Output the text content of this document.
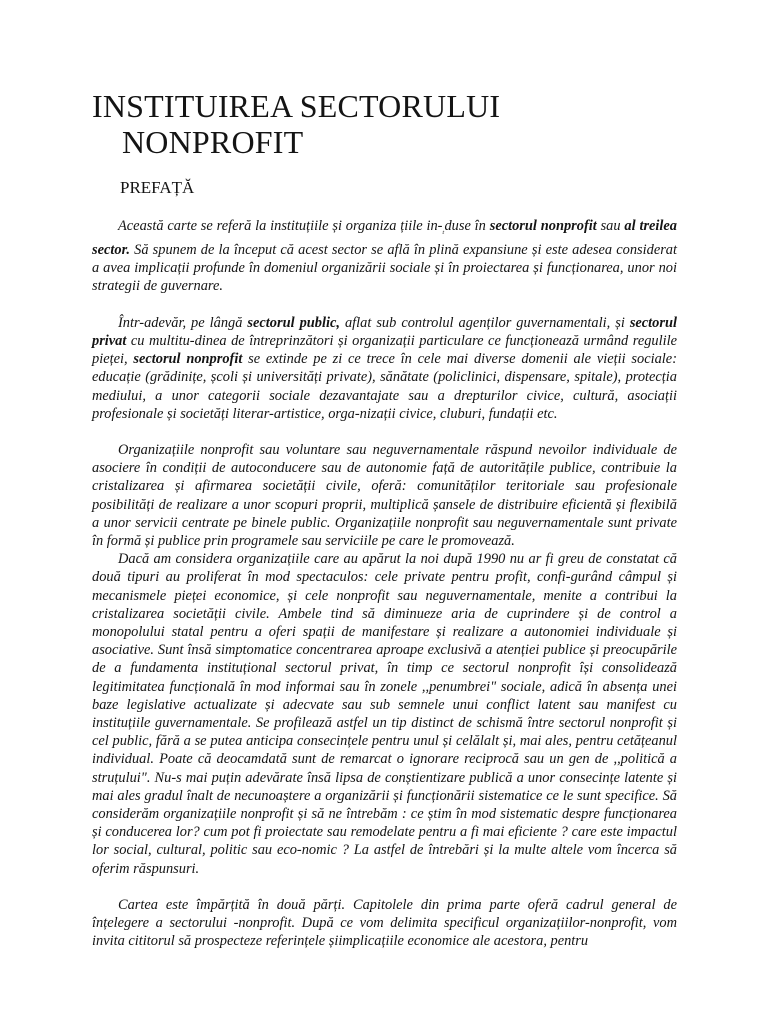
INSTITUIREA SECTORULUI
NONPROFIT
PREFAȚĂ

Această carte se referă la instituțiile și organiza țiile $in-_{_t}duse$ în sectorul nonprofit sau al treilea sector. Să spunem de la început că acest sector se află în plină expansiune și este adesea considerat a avea implicații profunde în domeniul organizării sociale și în proiectarea și funcționarea, unor noi strategii de guvernare.

Într-adevăr, pe lângă sectorul public, aflat sub controlul agenților guvernamentali, și sectorul privat cu multitu-dinea de întreprinzători și organizații particulare ce funcționează urmând regulile pieței, sectorul nonprofit se extinde pe zi ce trece în cele mai diverse domenii ale vieții sociale: educație (grădinițe, școli și universități private), sănătate (policlinici, dispensare, spitale), protecția mediului, a unor categorii sociale dezavantajate sau a drepturilor civice, cultură, asociații profesionale și societăți literar-artistice, orga-nizații civice, cluburi, fundații etc.

Organizațiile nonprofit sau voluntare sau neguvernamentale răspund nevoilor individuale de asociere în condiții de autoconducere sau de autonomie față de autoritățile publice, contribuie la cristalizarea și afirmarea societății civile, oferă: comunităților teritoriale sau profesionale posibilități de realizare a unor scopuri proprii, multiplică șansele de distribuire eficientă și flexibilă a unor servicii centrate pe binele public. Organizațiile nonprofit sau neguvernamentale sunt private în formă și publice prin programele sau serviciile pe care le promovează.

Dacă am considera organizațiile care au apărut la noi după 1990 nu ar fi greu de constatat că două tipuri au proliferat în mod spectaculos: cele private pentru profit, confi-gurând câmpul și mecanismele pieței economice, și cele nonprofit sau neguvernamentale, menite a contribui la cristalizarea societății civile. Ambele tind să diminueze aria de cuprindere și de control a monopolului statal pentru a oferi spații de manifestare și realizare a autonomiei individuale și asociative. Sunt însă simptomatice concentrarea aproape exclusivă a atenției publice și preocupările de a fundamenta instituțional sectorul privat, în timp ce sectorul nonprofit își consolidează legitimitatea funcțională în mod informai sau în zonele ,,penumbrei" sociale, adică în absența unei baze legislative actualizate și adecvate sau sub semnele unui conflict latent sau manifest cu instituțiile guvernamentale. Se profilează astfel un tip distinct de schismă între sectorul nonprofit și cel public, fără a se putea anticipa consecințele pentru unul și celălalt și, mai ales, pentru cetățeanul individual. Poate că deocamdată sunt de remarcat o ignorare reciprocă sau un gen de ,,politică a struțului". Nu-s mai puțin adevărate însă lipsa de conștientizare publică a unor consecințe latente și mai ales gradul înalt de necunoaștere a organizării și funcționării sistematice ce le sunt specifice. Să considerăm organizațiile nonprofit și să ne întrebăm : ce știm în mod sistematic despre funcționarea și conducerea lor? cum pot fi proiectate sau remodelate pentru a fi mai eficiente ? care este impactul lor social, cultural, politic sau eco-nomic ? La astfel de întrebări și la multe altele vom încerca să oferim răspunsuri.

Cartea este împărțită în două părți. Capitolele din prima parte oferă cadrul general de înțelegere a sectorului -nonprofit. După ce vom delimita specificul organizațiilor-nonprofit, vom invita cititorul să prospecteze referințele șiimplicațiile economice ale acestora, pentru
